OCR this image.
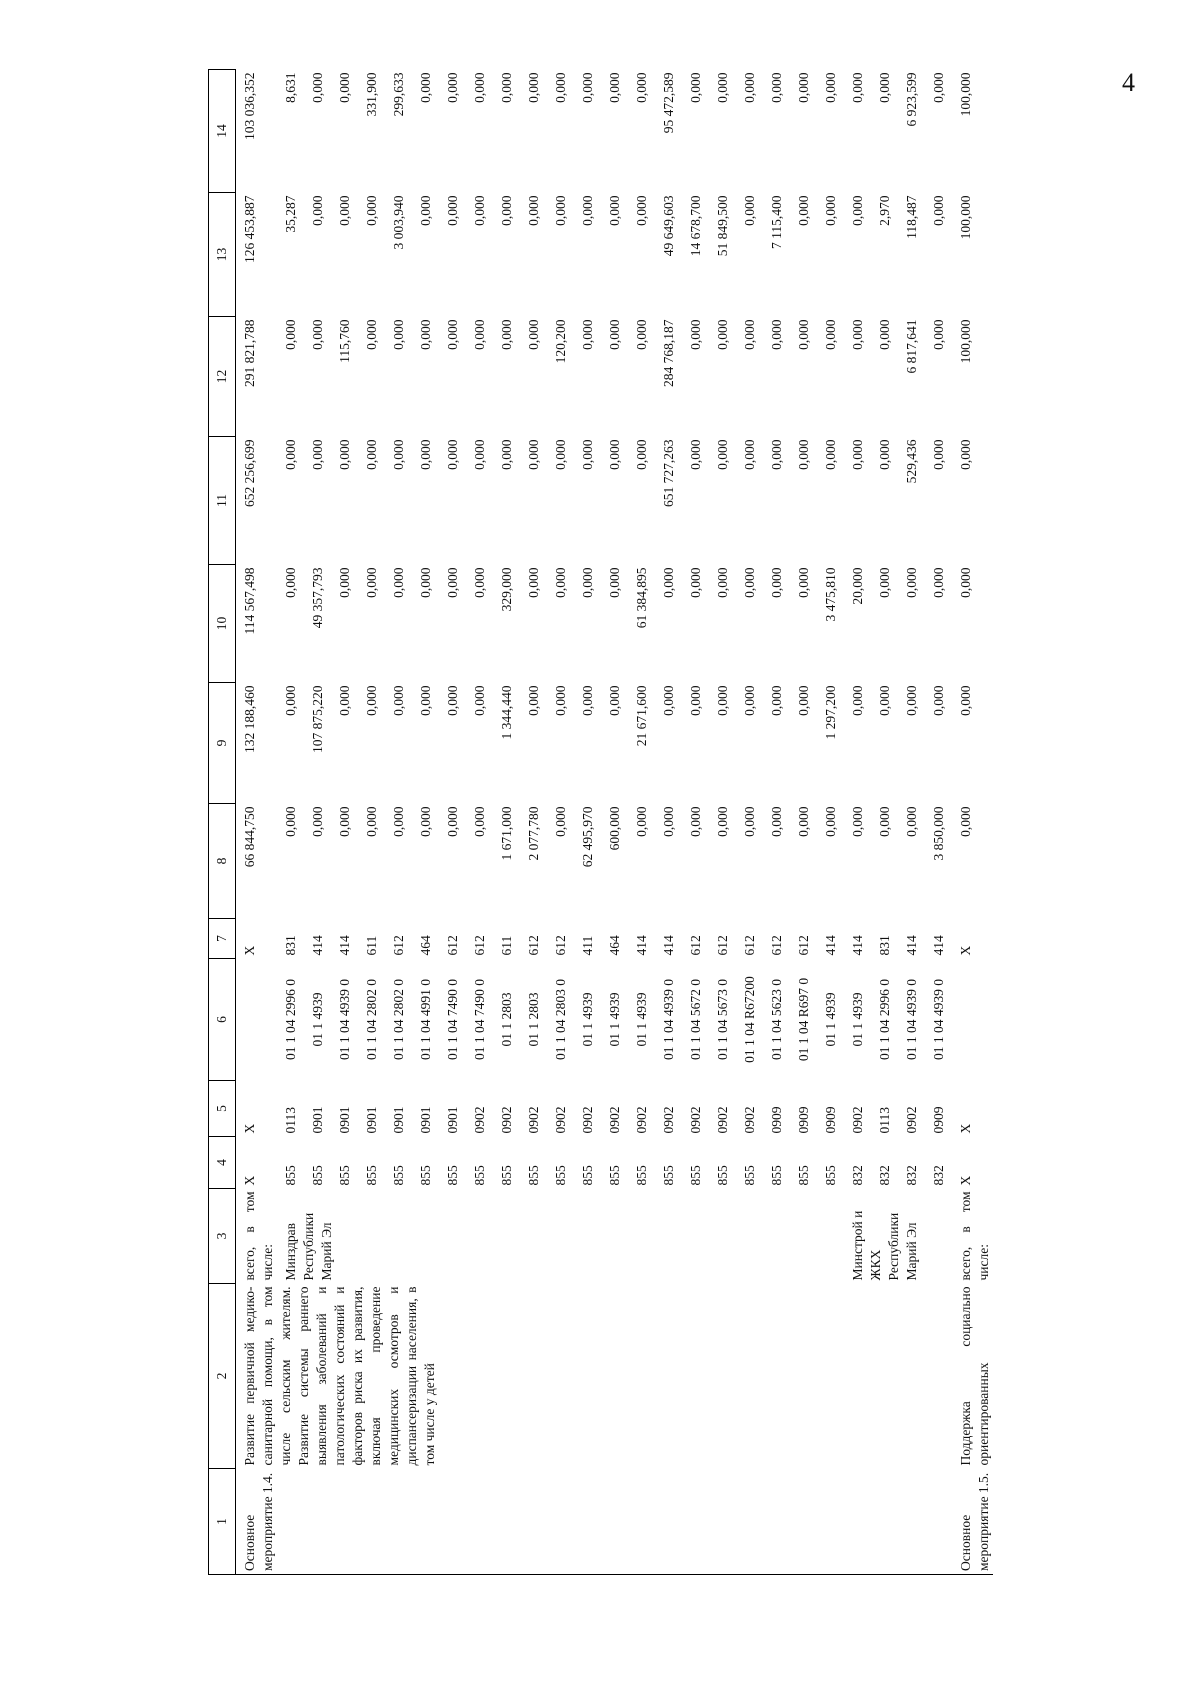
4
1	2	3	4	5	6	7	8	9	10	11	12	13	14
Основное мероприятие 1.4.	Развитие первичной медико-санитарной помощи, в том числе сельским жителям. Развитие системы раннего выявления заболеваний и патологических состояний и факторов риска их развития, включая проведение медицинских осмотров и диспансеризации населения, в том числе у детей	всего, в том числе:	X	X		X	66 844,750	132 188,460	114 567,498	652 256,699	291 821,788	126 453,887	103 036,352
		Минздрав Республики Марий Эл	855	0113	01 1 04 2996 0	831	0,000	0,000	0,000	0,000	0,000	35,287	8,631
			855	0901	01 1 4939	414	0,000	107 875,220	49 357,793	0,000	0,000	0,000	0,000
			855	0901	01 1 04 4939 0	414	0,000	0,000	0,000	0,000	115,760	0,000	0,000
			855	0901	01 1 04 2802 0	611	0,000	0,000	0,000	0,000	0,000	0,000	331,900
			855	0901	01 1 04 2802 0	612	0,000	0,000	0,000	0,000	0,000	3 003,940	299,633
			855	0901	01 1 04 4991 0	464	0,000	0,000	0,000	0,000	0,000	0,000	0,000
			855	0901	01 1 04 7490 0	612	0,000	0,000	0,000	0,000	0,000	0,000	0,000
			855	0902	01 1 04 7490 0	612	0,000	0,000	0,000	0,000	0,000	0,000	0,000
			855	0902	01 1 2803	611	1 671,000	1 344,440	329,000	0,000	0,000	0,000	0,000
			855	0902	01 1 2803	612	2 077,780	0,000	0,000	0,000	0,000	0,000	0,000
			855	0902	01 1 04 2803 0	612	0,000	0,000	0,000	0,000	120,200	0,000	0,000
			855	0902	01 1 4939	411	62 495,970	0,000	0,000	0,000	0,000	0,000	0,000
			855	0902	01 1 4939	464	600,000	0,000	0,000	0,000	0,000	0,000	0,000
			855	0902	01 1 4939	414	0,000	21 671,600	61 384,895	0,000	0,000	0,000	0,000
			855	0902	01 1 04 4939 0	414	0,000	0,000	0,000	651 727,263	284 768,187	49 649,603	95 472,589
			855	0902	01 1 04 5672 0	612	0,000	0,000	0,000	0,000	0,000	14 678,700	0,000
			855	0902	01 1 04 5673 0	612	0,000	0,000	0,000	0,000	0,000	51 849,500	0,000
			855	0902	01 1 04 R67200	612	0,000	0,000	0,000	0,000	0,000	0,000	0,000
			855	0909	01 1 04 5623 0	612	0,000	0,000	0,000	0,000	0,000	7 115,400	0,000
			855	0909	01 1 04 R697 0	612	0,000	0,000	0,000	0,000	0,000	0,000	0,000
			855	0909	01 1 4939	414	0,000	1 297,200	3 475,810	0,000	0,000	0,000	0,000
		Минстрой и ЖКХ Республики Марий Эл	832	0902	01 1 4939	414	0,000	0,000	20,000	0,000	0,000	0,000	0,000
			832	0113	01 1 04 2996 0	831	0,000	0,000	0,000	0,000	0,000	2,970	0,000
			832	0902	01 1 04 4939 0	414	0,000	0,000	0,000	529,436	6 817,641	118,487	6 923,599
			832	0909	01 1 04 4939 0	414	3 850,000	0,000	0,000	0,000	0,000	0,000	0,000

Основное мероприятие 1.5.	Поддержка социально ориентированных	всего, в том числе:	X	X		X	0,000	0,000	0,000	0,000	100,000	100,000	100,000
